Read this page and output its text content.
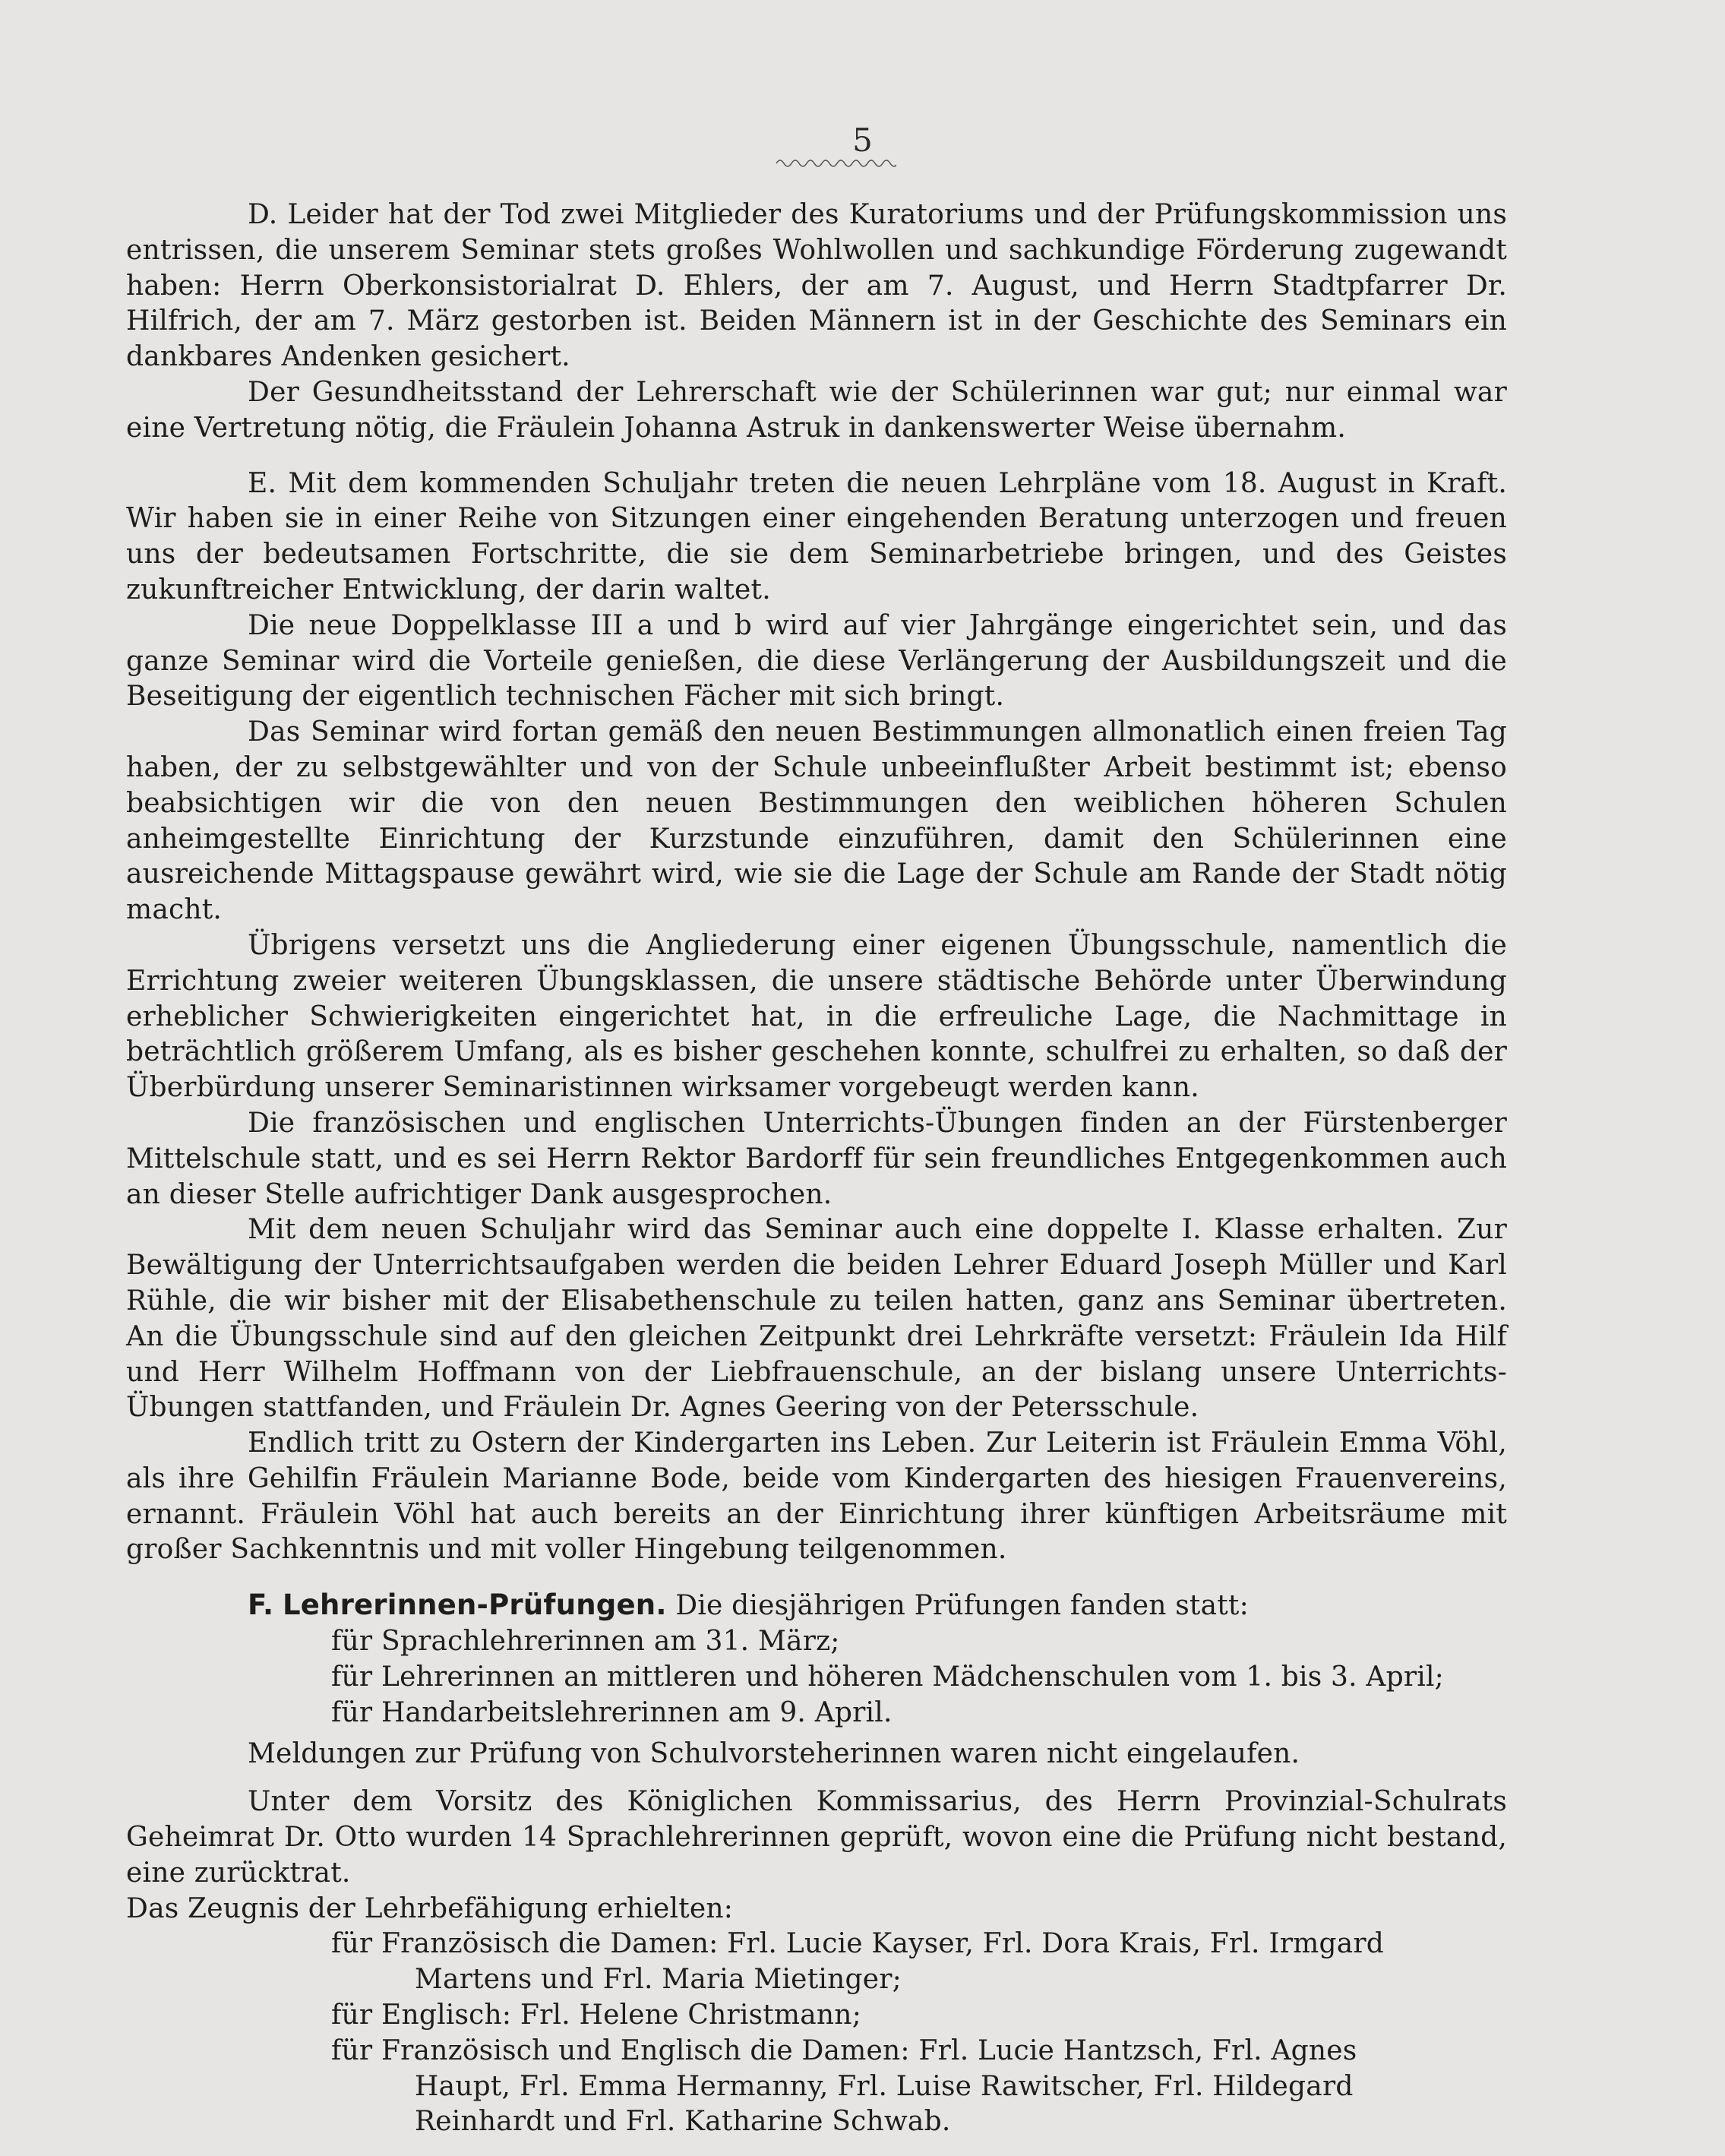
5

D. Leider hat der Tod zwei Mitglieder des Kuratoriums und der Prüfungskommission uns entrissen, die unserem Seminar stets großes Wohlwollen und sachkundige Förderung zugewandt haben: Herrn Oberkonsistorialrat D. Ehlers, der am 7. August, und Herrn Stadtpfarrer Dr. Hilfrich, der am 7. März gestorben ist. Beiden Männern ist in der Geschichte des Seminars ein dankbares Andenken gesichert.

Der Gesundheitsstand der Lehrerschaft wie der Schülerinnen war gut; nur einmal war eine Vertretung nötig, die Fräulein Johanna Astruk in dankenswerter Weise übernahm.

E. Mit dem kommenden Schuljahr treten die neuen Lehrpläne vom 18. August in Kraft. Wir haben sie in einer Reihe von Sitzungen einer eingehenden Beratung unterzogen und freuen uns der bedeutsamen Fortschritte, die sie dem Seminarbetriebe bringen, und des Geistes zukunftreicher Entwicklung, der darin waltet.

Die neue Doppelklasse III a und b wird auf vier Jahrgänge eingerichtet sein, und das ganze Seminar wird die Vorteile genießen, die diese Verlängerung der Ausbildungszeit und die Beseitigung der eigentlich technischen Fächer mit sich bringt.

Das Seminar wird fortan gemäß den neuen Bestimmungen allmonatlich einen freien Tag haben, der zu selbstgewählter und von der Schule unbeeinflußter Arbeit bestimmt ist; ebenso beabsichtigen wir die von den neuen Bestimmungen den weiblichen höheren Schulen anheimgestellte Einrichtung der Kurzstunde einzuführen, damit den Schülerinnen eine ausreichende Mittagspause gewährt wird, wie sie die Lage der Schule am Rande der Stadt nötig macht.

Übrigens versetzt uns die Angliederung einer eigenen Übungsschule, namentlich die Errichtung zweier weiteren Übungsklassen, die unsere städtische Behörde unter Überwindung erheblicher Schwierigkeiten eingerichtet hat, in die erfreuliche Lage, die Nachmittage in beträchtlich größerem Umfang, als es bisher geschehen konnte, schulfrei zu erhalten, so daß der Überbürdung unserer Seminaristinnen wirksamer vorgebeugt werden kann.

Die französischen und englischen Unterrichts-Übungen finden an der Fürstenberger Mittelschule statt, und es sei Herrn Rektor Bardorff für sein freundliches Entgegenkommen auch an dieser Stelle aufrichtiger Dank ausgesprochen.

Mit dem neuen Schuljahr wird das Seminar auch eine doppelte I. Klasse erhalten. Zur Bewältigung der Unterrichtsaufgaben werden die beiden Lehrer Eduard Joseph Müller und Karl Rühle, die wir bisher mit der Elisabethenschule zu teilen hatten, ganz ans Seminar übertreten. An die Übungsschule sind auf den gleichen Zeitpunkt drei Lehrkräfte versetzt: Fräulein Ida Hilf und Herr Wilhelm Hoffmann von der Liebfrauenschule, an der bislang unsere Unterrichts-Übungen stattfanden, und Fräulein Dr. Agnes Geering von der Petersschule.

Endlich tritt zu Ostern der Kindergarten ins Leben. Zur Leiterin ist Fräulein Emma Vöhl, als ihre Gehilfin Fräulein Marianne Bode, beide vom Kindergarten des hiesigen Frauenvereins, ernannt. Fräulein Vöhl hat auch bereits an der Einrichtung ihrer künftigen Arbeitsräume mit großer Sachkenntnis und mit voller Hingebung teilgenommen.

F. Lehrerinnen-Prüfungen. Die diesjährigen Prüfungen fanden statt:

für Sprachlehrerinnen am 31. März;

für Lehrerinnen an mittleren und höheren Mädchenschulen vom 1. bis 3. April;

für Handarbeitslehrerinnen am 9. April.

Meldungen zur Prüfung von Schulvorsteherinnen waren nicht eingelaufen.

Unter dem Vorsitz des Königlichen Kommissarius, des Herrn Provinzial-Schulrats Geheimrat Dr. Otto wurden 14 Sprachlehrerinnen geprüft, wovon eine die Prüfung nicht bestand, eine zurücktrat.

Das Zeugnis der Lehrbefähigung erhielten:

für Französisch die Damen: Frl. Lucie Kayser, Frl. Dora Krais, Frl. Irmgard

Martens und Frl. Maria Mietinger;

für Englisch: Frl. Helene Christmann;

für Französisch und Englisch die Damen: Frl. Lucie Hantzsch, Frl. Agnes

Haupt, Frl. Emma Hermanny, Frl. Luise Rawitscher, Frl. Hildegard

Reinhardt und Frl. Katharine Schwab.
